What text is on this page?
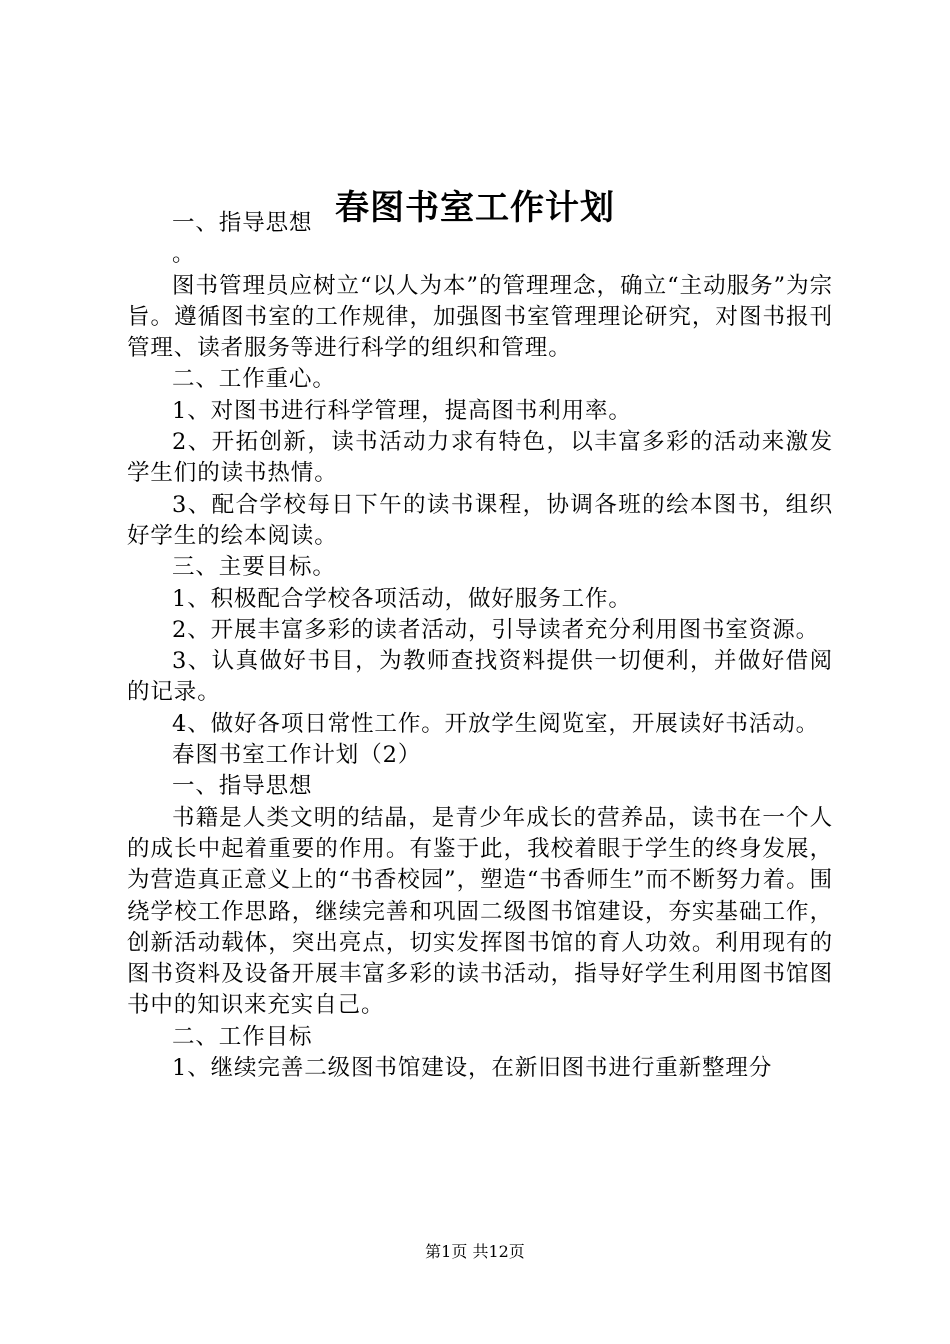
春图书室工作计划

一、指导思想

。

图书管理员应树立“以人为本”的管理理念，确立“主动服务”为宗旨。遵循图书室的工作规律，加强图书室管理理论研究，对图书报刊管理、读者服务等进行科学的组织和管理。

二、工作重心。

1、对图书进行科学管理，提高图书利用率。

2、开拓创新，读书活动力求有特色，以丰富多彩的活动来激发学生们的读书热情。

3、配合学校每日下午的读书课程，协调各班的绘本图书，组织好学生的绘本阅读。

三、主要目标。

1、积极配合学校各项活动，做好服务工作。

2、开展丰富多彩的读者活动，引导读者充分利用图书室资源。

3、认真做好书目，为教师查找资料提供一切便利，并做好借阅的记录。

4、做好各项日常性工作。开放学生阅览室，开展读好书活动。

春图书室工作计划（2）

一、指导思想

书籍是人类文明的结晶，是青少年成长的营养品，读书在一个人的成长中起着重要的作用。有鉴于此，我校着眼于学生的终身发展，为营造真正意义上的“书香校园”，塑造“书香师生”而不断努力着。围绕学校工作思路，继续完善和巩固二级图书馆建设，夯实基础工作，创新活动载体，突出亮点，切实发挥图书馆的育人功效。利用现有的图书资料及设备开展丰富多彩的读书活动，指导好学生利用图书馆图书中的知识来充实自己。

二、工作目标

1、继续完善二级图书馆建设，在新旧图书进行重新整理分

第1页 共12页
